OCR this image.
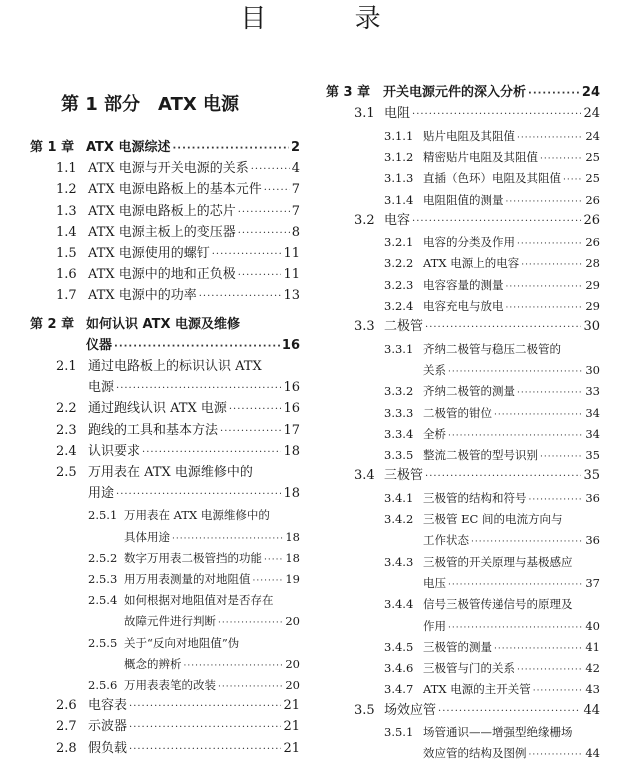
目 录
第 1 部分　ATX 电源
第 1 章 ATX 电源综述 ·····	2
1.1 ATX 电源与开关电源的关系 ·····	4
1.2 ATX 电源电路板上的基本元件 ····· 7
1.3 ATX 电源电路板上的芯片 ·····	7
1.4 ATX 电源主板上的变压器 ·····	8
1.5 ATX 电源使用的螺钉 ·····	11
1.6 ATX 电源中的地和正负极 ·····	11
1.7 ATX 电源中的功率 ·····	13
第 2 章 如何认识 ATX 电源及维修
仪器 ·····	16
2.1 通过电路板上的标识认识 ATX
电源 ·····	16
2.2 通过跑线认识 ATX 电源 ·····	16
2.3 跑线的工具和基本方法 ·····	17
2.4 认识要求 ·····	18
2.5 万用表在 ATX 电源维修中的
用途 ·····	18
2.5.1 万用表在 ATX 电源维修中的
具体用途 ·····	18
2.5.2 数字万用表二极管挡的功能 ····· 18
2.5.3 用万用表测量的对地阻值 ·····	19
2.5.4 如何根据对地阻值对是否存在
故障元件进行判断 ·····	20
2.5.5 关于“反向对地阻值”伪
概念的辨析 ·····	20
2.5.6 万用表表笔的改装 ·····	20
2.6 电容表 ·····	21
2.7 示波器 ·····	21
2.8 假负载 ·····	21
第 3 章 开关电源元件的深入分析 ·····	24
3.1 电阻 ·····	24
3.1.1 贴片电阻及其阻值 ·····	24
3.1.2 精密贴片电阻及其阻值 ·····	25
3.1.3 直插（色环）电阻及其阻值 ····· 25
3.1.4 电阻阻值的测量 ·····	26
3.2 电容 ·····	26
3.2.1 电容的分类及作用 ·····	26
3.2.2 ATX 电源上的电容 ·····	28
3.2.3 电容容量的测量 ·····	29
3.2.4 电容充电与放电 ·····	29
3.3 二极管 ·····	30
3.3.1 齐纳二极管与稳压二极管的
关系 ·····	30
3.3.2 齐纳二极管的测量 ·····	33
3.3.3 二极管的钳位 ·····	34
3.3.4 全桥 ·····	34
3.3.5 整流二极管的型号识别 ·····	35
3.4 三极管 ·····	35
3.4.1 三极管的结构和符号 ·····	36
3.4.2 三极管 EC 间的电流方向与
工作状态 ·····	36
3.4.3 三极管的开关原理与基极感应
电压 ·····	37
3.4.4 信号三极管传递信号的原理及
作用 ·····	40
3.4.5 三极管的测量 ·····	41
3.4.6 三极管与门的关系 ·····	42
3.4.7 ATX 电源的主开关管 ·····	43
3.5 场效应管 ·····	44
3.5.1 场管通识——增强型绝缘栅场
效应管的结构及图例 ·····	44
